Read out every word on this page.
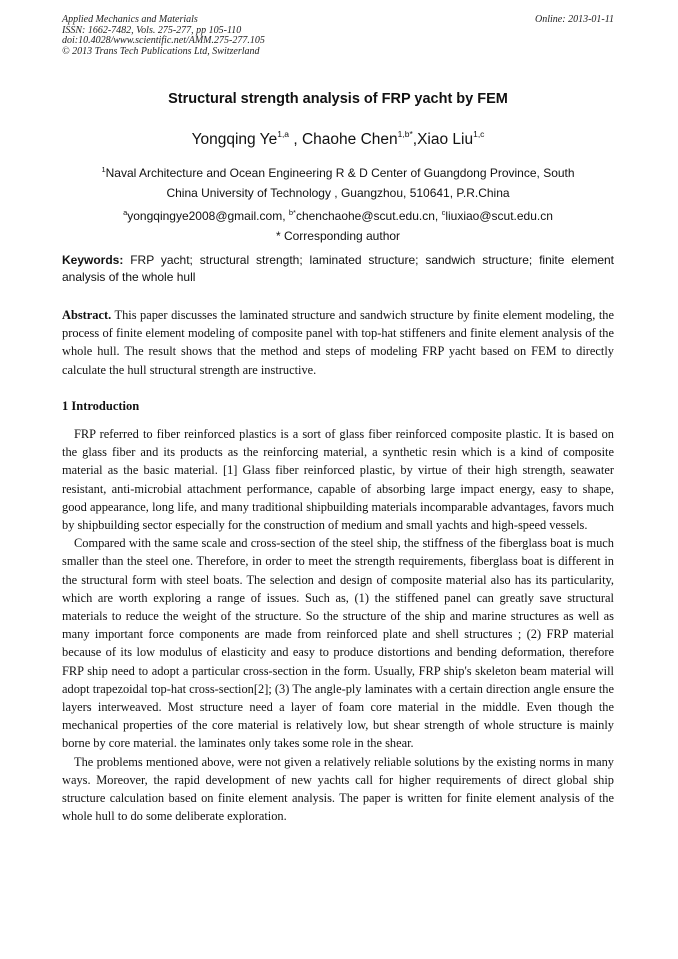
Applied Mechanics and Materials	Online: 2013-01-11
ISSN: 1662-7482, Vols. 275-277, pp 105-110
doi:10.4028/www.scientific.net/AMM.275-277.105
© 2013 Trans Tech Publications Ltd, Switzerland
Structural strength analysis of FRP yacht by FEM
Yongqing Ye$^{1,a}$ , Chaohe Chen$^{1,b*}$,Xiao Liu$^{1,c}$
$^1$Naval Architecture and Ocean Engineering R & D Center of Guangdong Province, South
China University of Technology , Guangzhou, 510641, P.R.China
$^a$yongqingye2008@gmail.com, $^{b*}$chenchaohe@scut.edu.cn, $^c$liuxiao@scut.edu.cn
* Corresponding author
Keywords: FRP yacht; structural strength; laminated structure; sandwich structure; finite element analysis of the whole hull
Abstract. This paper discusses the laminated structure and sandwich structure by finite element modeling, the process of finite element modeling of composite panel with top-hat stiffeners and finite element analysis of the whole hull. The result shows that the method and steps of modeling FRP yacht based on FEM to directly calculate the hull structural strength are instructive.
1 Introduction

FRP referred to fiber reinforced plastics is a sort of glass fiber reinforced composite plastic. It is based on the glass fiber and its products as the reinforcing material, a synthetic resin which is a kind of composite material as the basic material. [1] Glass fiber reinforced plastic, by virtue of their high strength, seawater resistant, anti-microbial attachment performance, capable of absorbing large impact energy, easy to shape, good appearance, long life, and many traditional shipbuilding materials incomparable advantages, favors much by shipbuilding sector especially for the construction of medium and small yachts and high-speed vessels.

Compared with the same scale and cross-section of the steel ship, the stiffness of the fiberglass boat is much smaller than the steel one. Therefore, in order to meet the strength requirements, fiberglass boat is different in the structural form with steel boats. The selection and design of composite material also has its particularity, which are worth exploring a range of issues. Such as, (1) the stiffened panel can greatly save structural materials to reduce the weight of the structure. So the structure of the ship and marine structures as well as many important force components are made from reinforced plate and shell structures ; (2) FRP material because of its low modulus of elasticity and easy to produce distortions and bending deformation, therefore FRP ship need to adopt a particular cross-section in the form. Usually, FRP ship's skeleton beam material will adopt trapezoidal top-hat cross-section[2]; (3) The angle-ply laminates with a certain direction angle ensure the layers interweaved. Most structure need a layer of foam core material in the middle. Even though the mechanical properties of the core material is relatively low, but shear strength of whole structure is mainly borne by core material. the laminates only takes some role in the shear.

The problems mentioned above, were not given a relatively reliable solutions by the existing norms in many ways. Moreover, the rapid development of new yachts call for higher requirements of direct global ship structure calculation based on finite element analysis. The paper is written for finite element analysis of the whole hull to do some deliberate exploration.
